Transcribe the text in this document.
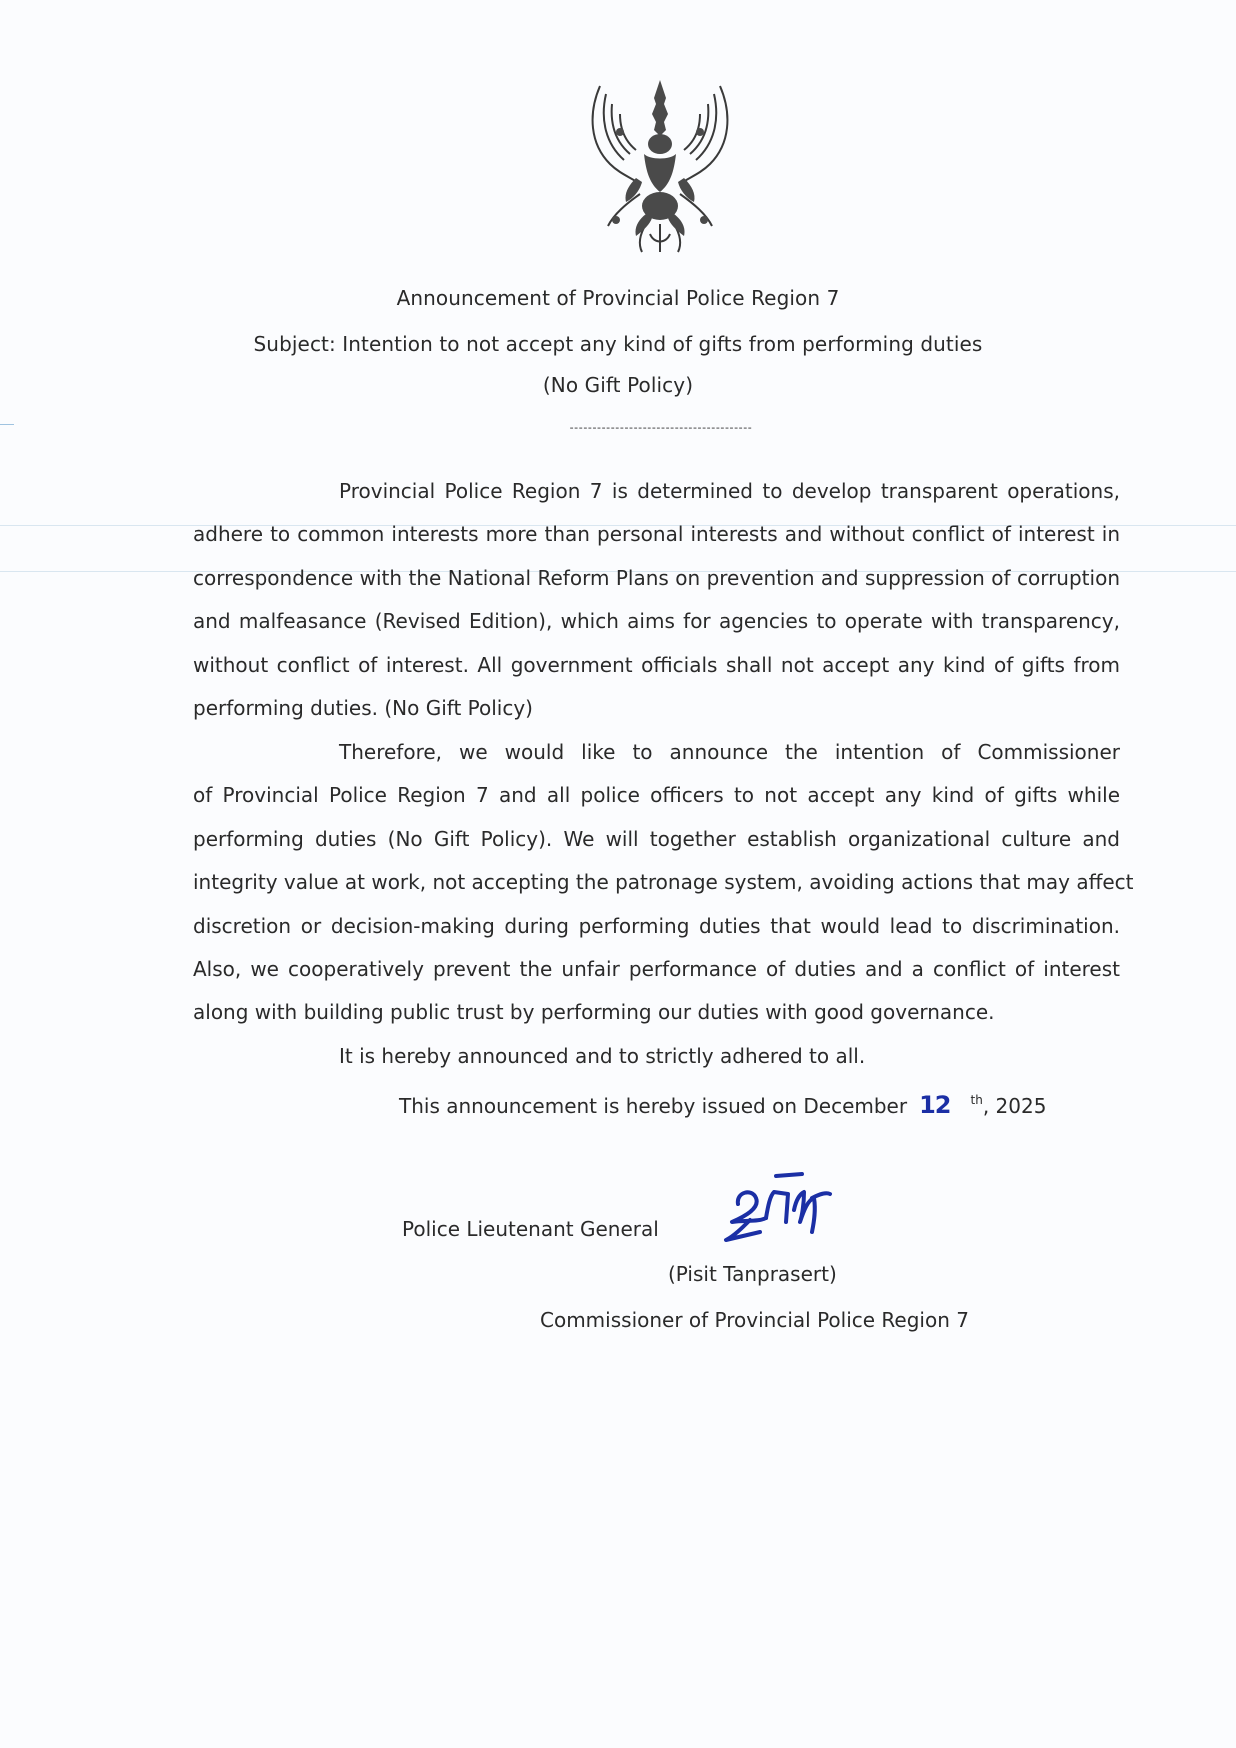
Announcement of Provincial Police Region 7
Subject: Intention to not accept any kind of gifts from performing duties
(No Gift Policy)
----------------------------------------
Provincial Police Region 7 is determined to develop transparent operations,
adhere to common interests more than personal interests and without conflict of interest in
correspondence with the National Reform Plans on prevention and suppression of corruption
and malfeasance (Revised Edition), which aims for agencies to operate with transparency,
without conflict of interest. All government officials shall not accept any kind of gifts from
performing duties. (No Gift Policy)
Therefore, we would like to announce the intention of Commissioner
of Provincial Police Region 7 and all police officers to not accept any kind of gifts while
performing duties (No Gift Policy). We will together establish organizational culture and
integrity value at work, not accepting the patronage system, avoiding actions that may affect
discretion or decision-making during performing duties that would lead to discrimination.
Also, we cooperatively prevent the unfair performance of duties and a conflict of interest
along with building public trust by performing our duties with good governance.
It is hereby announced and to strictly adhered to all.
This announcement is hereby issued on December 12 $^{th}$, 2025
Police Lieutenant General
(Pisit Tanprasert)
Commissioner of Provincial Police Region 7
